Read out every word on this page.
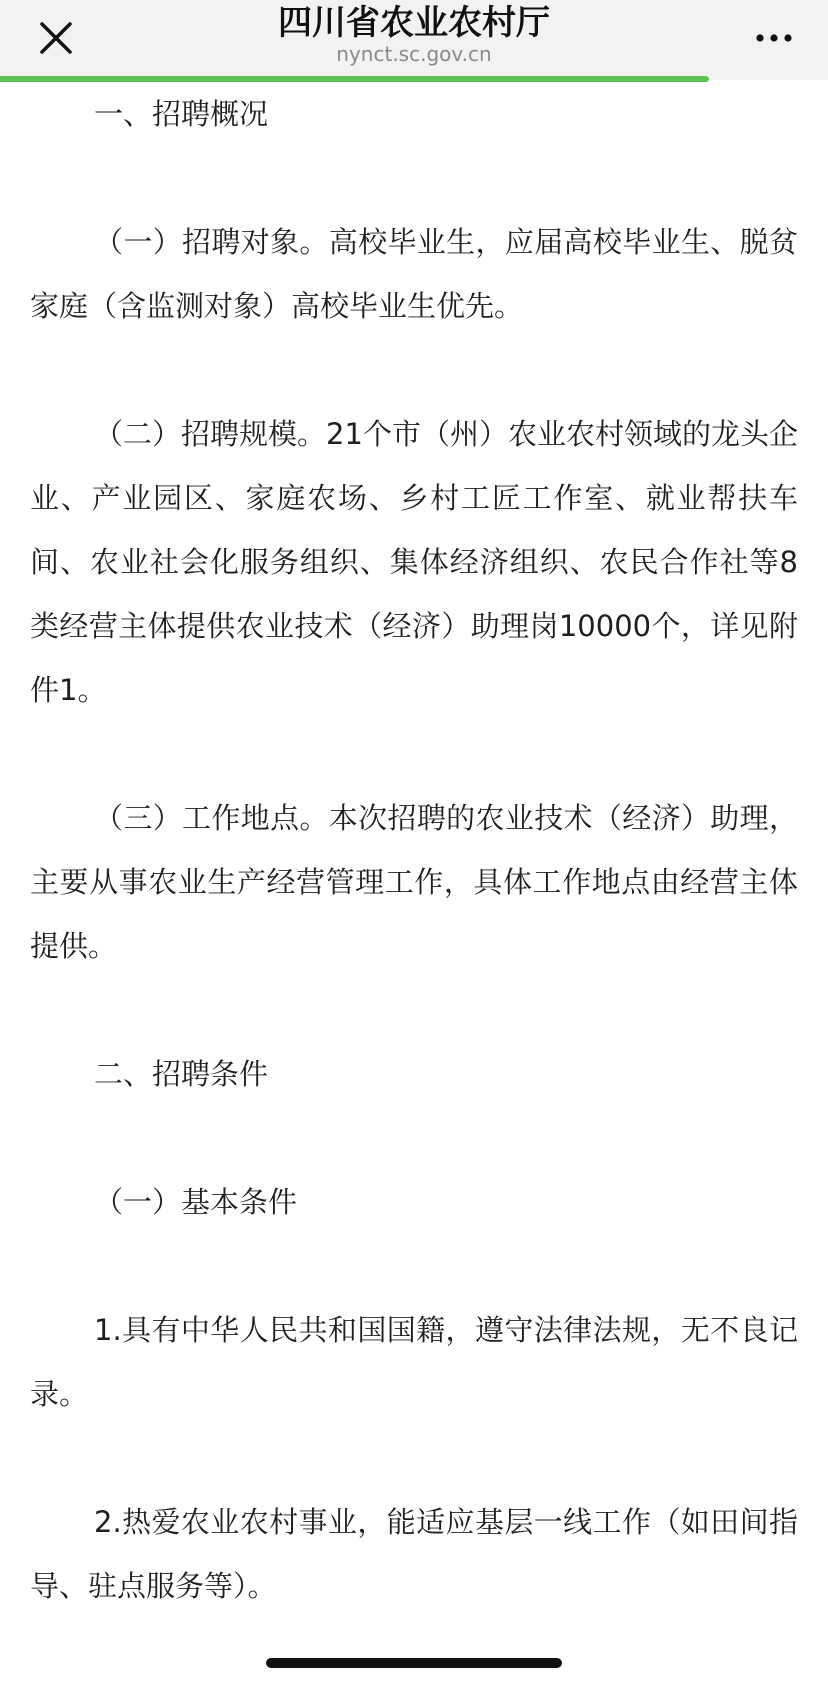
四川省农业农村厅
nynct.sc.gov.cn

一、招聘概况

（一）招聘对象。高校毕业生，应届高校毕业生、脱贫家庭（含监测对象）高校毕业生优先。

（二）招聘规模。21个市（州）农业农村领域的龙头企业、产业园区、家庭农场、乡村工匠工作室、就业帮扶车间、农业社会化服务组织、集体经济组织、农民合作社等8类经营主体提供农业技术（经济）助理岗10000个，详见附件1。

（三）工作地点。本次招聘的农业技术（经济）助理，主要从事农业生产经营管理工作，具体工作地点由经营主体提供。

二、招聘条件

（一）基本条件

1.具有中华人民共和国国籍，遵守法律法规，无不良记录。

2.热爱农业农村事业，能适应基层一线工作（如田间指导、驻点服务等）。
